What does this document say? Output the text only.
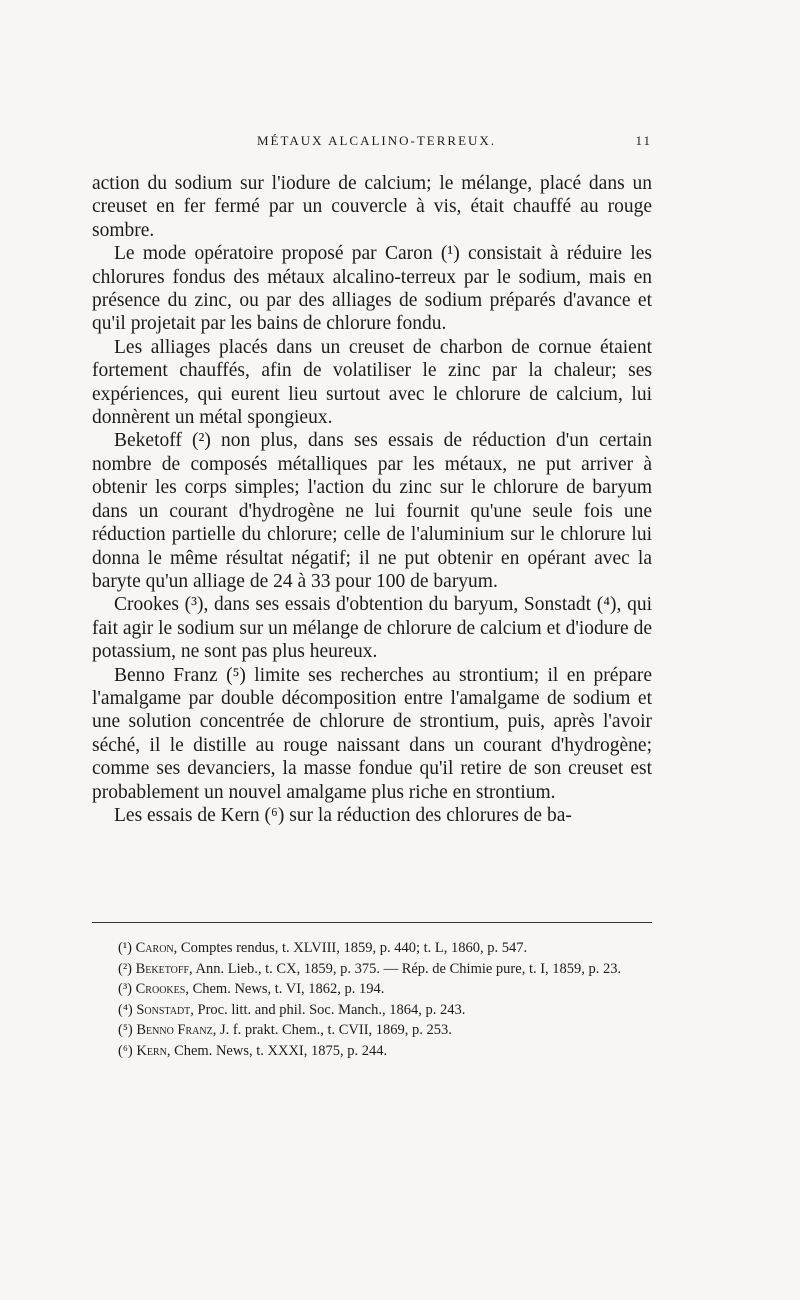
MÉTAUX ALCALINO-TERREUX.	11

action du sodium sur l'iodure de calcium; le mélange, placé dans un creuset en fer fermé par un couvercle à vis, était chauffé au rouge sombre.

Le mode opératoire proposé par Caron (¹) consistait à réduire les chlorures fondus des métaux alcalino-terreux par le sodium, mais en présence du zinc, ou par des alliages de sodium préparés d'avance et qu'il projetait par les bains de chlorure fondu.

Les alliages placés dans un creuset de charbon de cornue étaient fortement chauffés, afin de volatiliser le zinc par la chaleur; ses expériences, qui eurent lieu surtout avec le chlorure de calcium, lui donnèrent un métal spongieux.

Beketoff (²) non plus, dans ses essais de réduction d'un certain nombre de composés métalliques par les métaux, ne put arriver à obtenir les corps simples; l'action du zinc sur le chlorure de baryum dans un courant d'hydrogène ne lui fournit qu'une seule fois une réduction partielle du chlorure; celle de l'aluminium sur le chlorure lui donna le même résultat négatif; il ne put obtenir en opérant avec la baryte qu'un alliage de 24 à 33 pour 100 de baryum.

Crookes (³), dans ses essais d'obtention du baryum, Sonstadt (⁴), qui fait agir le sodium sur un mélange de chlorure de calcium et d'iodure de potassium, ne sont pas plus heureux.

Benno Franz (⁵) limite ses recherches au strontium; il en prépare l'amalgame par double décomposition entre l'amalgame de sodium et une solution concentrée de chlorure de strontium, puis, après l'avoir séché, il le distille au rouge naissant dans un courant d'hydrogène; comme ses devanciers, la masse fondue qu'il retire de son creuset est probablement un nouvel amalgame plus riche en strontium.

Les essais de Kern (⁶) sur la réduction des chlorures de ba-

(¹) Caron, Comptes rendus, t. XLVIII, 1859, p. 440; t. L, 1860, p. 547.
(²) Beketoff, Ann. Lieb., t. CX, 1859, p. 375. — Rép. de Chimie pure, t. I, 1859, p. 23.
(³) Crookes, Chem. News, t. VI, 1862, p. 194.
(⁴) Sonstadt, Proc. litt. and phil. Soc. Manch., 1864, p. 243.
(⁵) Benno Franz, J. f. prakt. Chem., t. CVII, 1869, p. 253.
(⁶) Kern, Chem. News, t. XXXI, 1875, p. 244.
